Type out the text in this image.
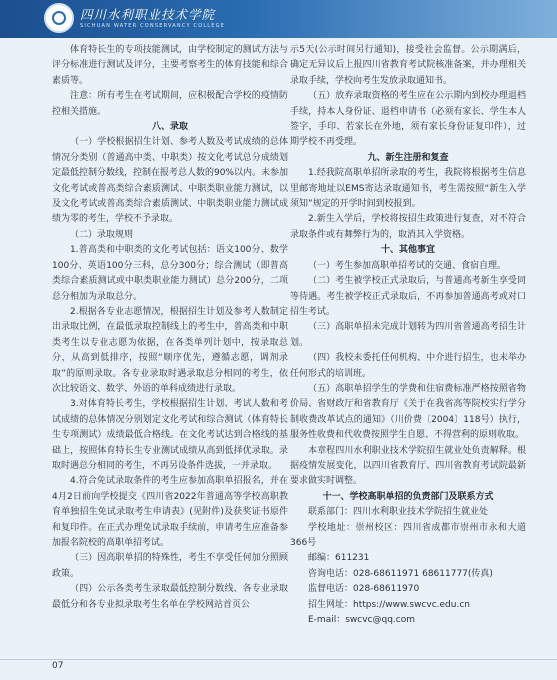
四川水利职业技术学院
SICHUAN WATER CONSERVANCY COLLEGE

体育特长生的专项技能测试，由学校制定的测试方法与评分标准进行测试及评分，主要考察考生的体育技能和综合素质等。

注意：所有考生在考试期间，应积极配合学校的疫情防控相关措施。

八、录取

（一）学校根据招生计划、参考人数及考试成绩的总体情况分类别（普通高中类、中职类）按文化考试总分成绩划定最低控制分数线，控制在报考总人数的90%以内。未参加文化考试或普高类综合素质测试、中职类职业能力测试，以及文化考试或普高类综合素质测试、中职类职业能力测试成绩为零的考生，学校不予录取。

（二）录取规则

1.普高类和中职类的文化考试包括：语文100分、数学100分、英语100分三科，总分300分；综合测试（即普高类综合素质测试或中职类职业能力测试）总分200分，二项总分相加为录取总分。

2.根据各专业志愿情况，根据招生计划及参考人数制定出录取比例，在最低录取控制线上的考生中，普高类和中职类考生以专业志愿为依据，在各类单列计划中，按录取总分，从高到低排序，按照“顺序优先，遵循志愿，调剂录取”的原则录取。各专业录取时遇录取总分相同的考生，依次比较语文、数学、外语的单科成绩进行录取。

3.对体育特长考生，学校根据招生计划、考试人数和考试成绩的总体情况分别划定文化考试和综合测试（体育特长生专项测试）成绩最低合格线。在文化考试达到合格线的基础上，按照体育特长生专业测试成绩从高到低择优录取。录取时遇总分相同的考生，不再另设条件选拔，一并录取。

4.符合免试录取条件的考生应参加高职单招报名，并在4月2日前向学校提交《四川省2022年普通高等学校高职教育单独招生免试录取考生申请表》(见附件)及获奖证书原件和复印件。在正式办理免试录取手续前，申请考生应准备参加报名院校的高职单招考试。

（三）因高职单招的特殊性，考生不享受任何加分照顾政策。

（四）公示各类考生录取最低控制分数线、各专业录取最低分和各专业拟录取考生名单在学校网站首页公

示5天(公示时间另行通知)，接受社会监督。公示期满后，确定无异议后上报四川省教育考试院核准备案，并办理相关录取手续，学校向考生发放录取通知书。

（五）放弃录取资格的考生应在公示期内到校办理退档手续，持本人身份证、退档申请书（必须有家长、学生本人签字，手印、若家长在外地，须有家长身份证复印件），过期学校不再受理。

九、新生注册和复查

1.经我院高职单招所录取的考生，我院将根据考生信息里邮寄地址以EMS寄达录取通知书，考生需按照“新生入学须知”规定的开学时间到校报到。

2.新生入学后，学校将按招生政策进行复查，对不符合录取条件或有舞弊行为的，取消其入学资格。

十、其他事宜

（一）考生参加高职单招考试的交通、食宿自理。

（二）考生被学校正式录取后，与普通高考新生享受同等待遇。考生被学校正式录取后，不再参加普通高考或对口招生考试。

（三）高职单招未完成计划转为四川省普通高考招生计划。

（四）我校未委托任何机构、中介进行招生，也未举办任何形式的培训班。

（五）高职单招学生的学费和住宿费标准严格按照省物价局、省财政厅和省教育厅《关于在我省高等院校实行学分制收费改革试点的通知》（川价费〔2004〕118号）执行，服务性收费和代收费按照学生自愿、不得营利的原则收取。

本章程四川水利职业技术学院招生就业处负责解释。根据疫情发展变化，以四川省教育厅、四川省教育考试院最新要求做实时调整。

十一、学校高职单招的负责部门及联系方式

联系部门：四川水利职业技术学院招生就业处

学校地址：崇州校区：四川省成都市崇州市永和大道366号

邮编：611231

咨询电话：028-68611971 68611777(传真)

监督电话：028-68611970

招生网址：https://www.swcvc.edu.cn

E-mail：swcvc@qq.com

07
